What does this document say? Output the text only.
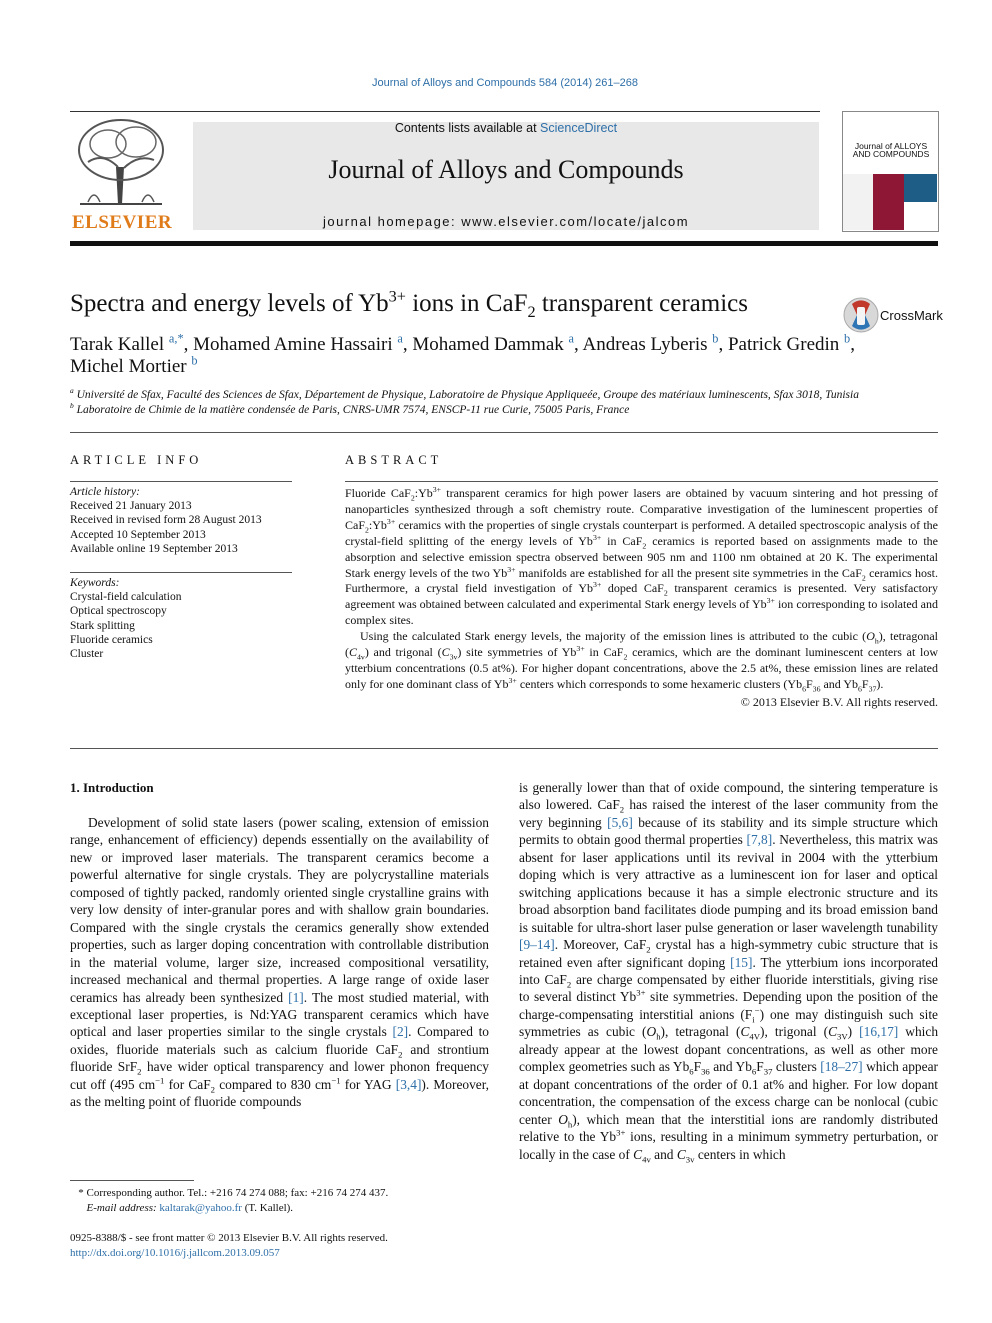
Journal of Alloys and Compounds 584 (2014) 261–268
Contents lists available at ScienceDirect
Journal of Alloys and Compounds
journal homepage: www.elsevier.com/locate/jalcom
ELSEVIER
Journal of ALLOYS AND COMPOUNDS
Spectra and energy levels of $Yb^{3+}$ ions in CaF$_2$ transparent ceramics	CrossMark
Tarak Kallel $^{a,*}$, Mohamed Amine Hassairi $^a$, Mohamed Dammak $^a$, Andreas Lyberis $^b$, Patrick Gredin $^b$,
Michel Mortier $^b$
$^a$ Université de Sfax, Faculté des Sciences de Sfax, Département de Physique, Laboratoire de Physique Appliqueée, Groupe des matériaux luminescents, Sfax 3018, Tunisia
$^b$ Laboratoire de Chimie de la matière condensée de Paris, CNRS-UMR 7574, ENSCP-11 rue Curie, 75005 Paris, France
ARTICLE INFO	ABSTRACT
Article history:
Received 21 January 2013
Received in revised form 28 August 2013
Accepted 10 September 2013
Available online 19 September 2013
Keywords:
Crystal-field calculation
Optical spectroscopy
Stark splitting
Fluoride ceramics
Cluster

Fluoride $CaF_2:Yb^{3+}$ transparent ceramics for high power lasers are obtained by vacuum sintering and hot pressing of nanoparticles synthesized through a soft chemistry route. Comparative investigation of the luminescent properties of $CaF_2:Yb^{3+}$ ceramics with the properties of single crystals counterpart is performed. A detailed spectroscopic analysis of the crystal-field splitting of the energy levels of $Yb^{3+}$ in CaF$_2$ ceramics is reported based on assignments made to the absorption and selective emission spectra observed between 905 nm and 1100 nm obtained at 20 K. The experimental Stark energy levels of the two $Yb^{3+}$ manifolds are established for all the present site symmetries in the CaF$_2$ ceramics host. Furthermore, a crystal field investigation of $Yb^{3+}$ doped CaF$_2$ transparent ceramics is presented. Very satisfactory agreement was obtained between calculated and experimental Stark energy levels of $Yb^{3+}$ ion corresponding to isolated and complex sites.

Using the calculated Stark energy levels, the majority of the emission lines is attributed to the cubic $(O_h)$, tetragonal $(C_{4v})$ and trigonal $(C_{3v})$ site symmetries of $Yb^{3+}$ in CaF$_2$ ceramics, which are the dominant luminescent centers at low ytterbium concentrations (0.5 at%). For higher dopant concentrations, above the 2.5 at%, these emission lines are related only for one dominant class of $Yb^{3+}$ centers which corresponds to some hexameric clusters ($Yb_6F_{36}$ and $Yb_6F_{37}$).

© 2013 Elsevier B.V. All rights reserved.
1. Introduction
Development of solid state lasers (power scaling, extension of emission range, enhancement of efficiency) depends essentially on the availability of new or improved laser materials. The transparent ceramics become a powerful alternative for single crystals. They are polycrystalline materials composed of tightly packed, randomly oriented single crystalline grains with very low density of inter-granular pores and with shallow grain boundaries. Compared with the single crystals the ceramics generally show extended properties, such as larger doping concentration with controllable distribution in the material volume, larger size, increased compositional versatility, increased mechanical and thermal properties. A large range of oxide laser ceramics has already been synthesized [1]. The most studied material, with exceptional laser properties, is Nd:YAG transparent ceramics which have optical and laser properties similar to the single crystals [2]. Compared to oxides, fluoride materials such as calcium fluoride CaF$_2$ and strontium fluoride SrF$_2$ have wider optical transparency and lower phonon frequency cut off (495 $cm^{-1}$ for CaF$_2$ compared to 830 $cm^{-1}$ for YAG [3,4]). Moreover, as the melting point of fluoride compounds
is generally lower than that of oxide compound, the sintering temperature is also lowered. CaF$_2$ has raised the interest of the laser community from the very beginning [5,6] because of its stability and its simple structure which permits to obtain good thermal properties [7,8]. Nevertheless, this matrix was absent for laser applications until its revival in 2004 with the ytterbium doping which is very attractive as a luminescent ion for laser and optical switching applications because it has a simple electronic structure and its broad absorption band facilitates diode pumping and its broad emission band is suitable for ultra-short laser pulse generation or laser wavelength tunability [9–14]. Moreover, CaF$_2$ crystal has a high-symmetry cubic structure that is retained even after significant doping [15]. The ytterbium ions incorporated into CaF$_2$ are charge compensated by either fluoride interstitials, giving rise to several distinct $Yb^{3+}$ site symmetries. Depending upon the position of the charge-compensating interstitial anions $(F_i^-)$ one may distinguish such site symmetries as cubic $(O_h)$, tetragonal $(C_{4V})$, trigonal $(C_{3V})$ [16,17] which already appear at the lowest dopant concentrations, as well as other more complex geometries such as $Yb_6F_{36}$ and $Yb_6F_{37}$ clusters [18–27] which appear at dopant concentrations of the order of 0.1 at% and higher. For low dopant concentration, the compensation of the excess charge can be nonlocal (cubic center $O_h$), which mean that the interstitial ions are randomly distributed relative to the $Yb^{3+}$ ions, resulting in a minimum symmetry perturbation, or locally in the case of $C_{4v}$ and $C_{3v}$ centers in which
* Corresponding author. Tel.: +216 74 274 088; fax: +216 74 274 437.
E-mail address: kaltarak@yahoo.fr (T. Kallel).
0925-8388/$ - see front matter © 2013 Elsevier B.V. All rights reserved.
http://dx.doi.org/10.1016/j.jallcom.2013.09.057
